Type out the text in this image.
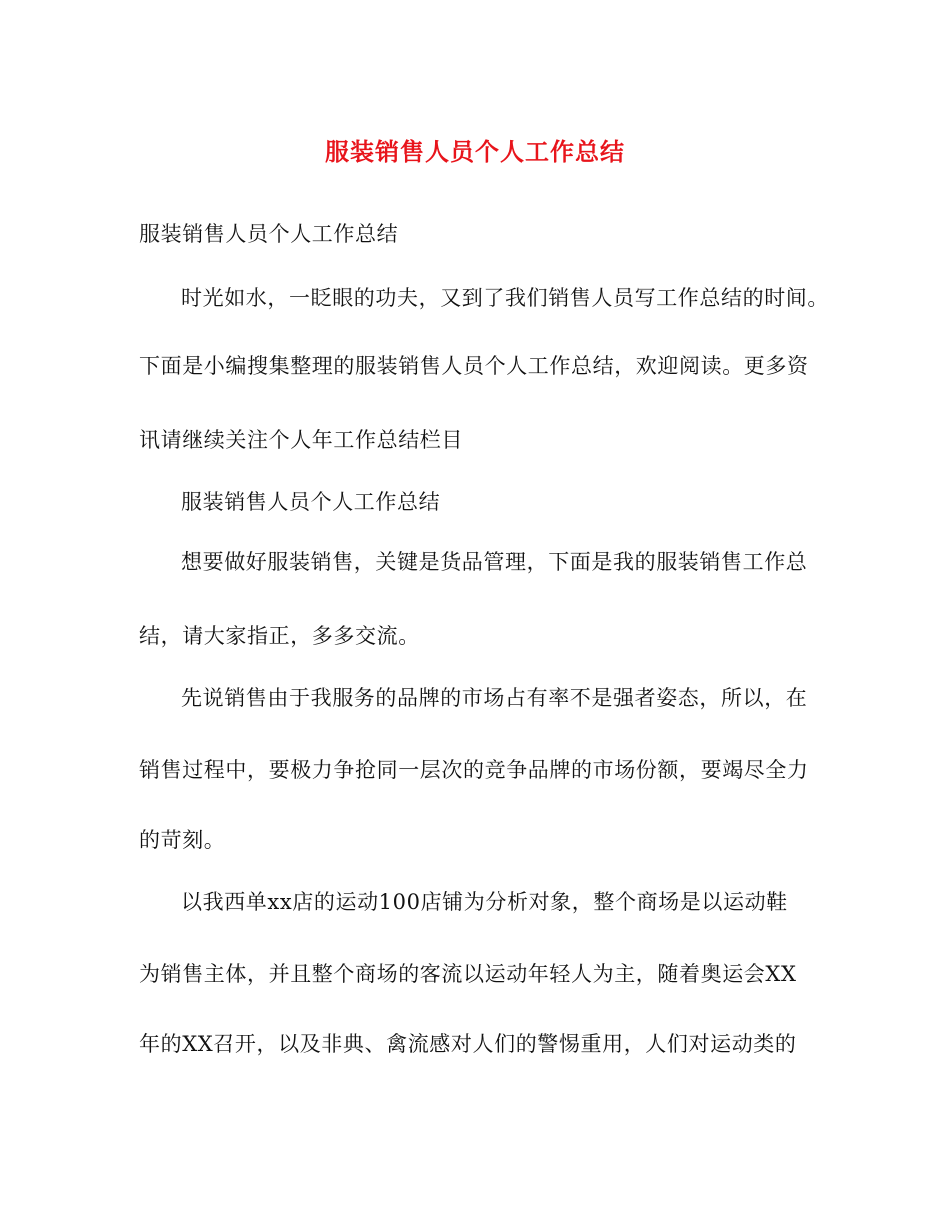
服装销售人员个人工作总结
服装销售人员个人工作总结
时光如水，一眨眼的功夫，又到了我们销售人员写工作总结的时间。
下面是小编搜集整理的服装销售人员个人工作总结，欢迎阅读。更多资
讯请继续关注个人年工作总结栏目
服装销售人员个人工作总结
想要做好服装销售，关键是货品管理，下面是我的服装销售工作总
结，请大家指正，多多交流。
先说销售由于我服务的品牌的市场占有率不是强者姿态，所以，在
销售过程中，要极力争抢同一层次的竞争品牌的市场份额，要竭尽全力
的苛刻。
以我西单xx店的运动100店铺为分析对象，整个商场是以运动鞋
为销售主体，并且整个商场的客流以运动年轻人为主，随着奥运会XX
年的XX召开，以及非典、禽流感对人们的警惕重用，人们对运动类的
